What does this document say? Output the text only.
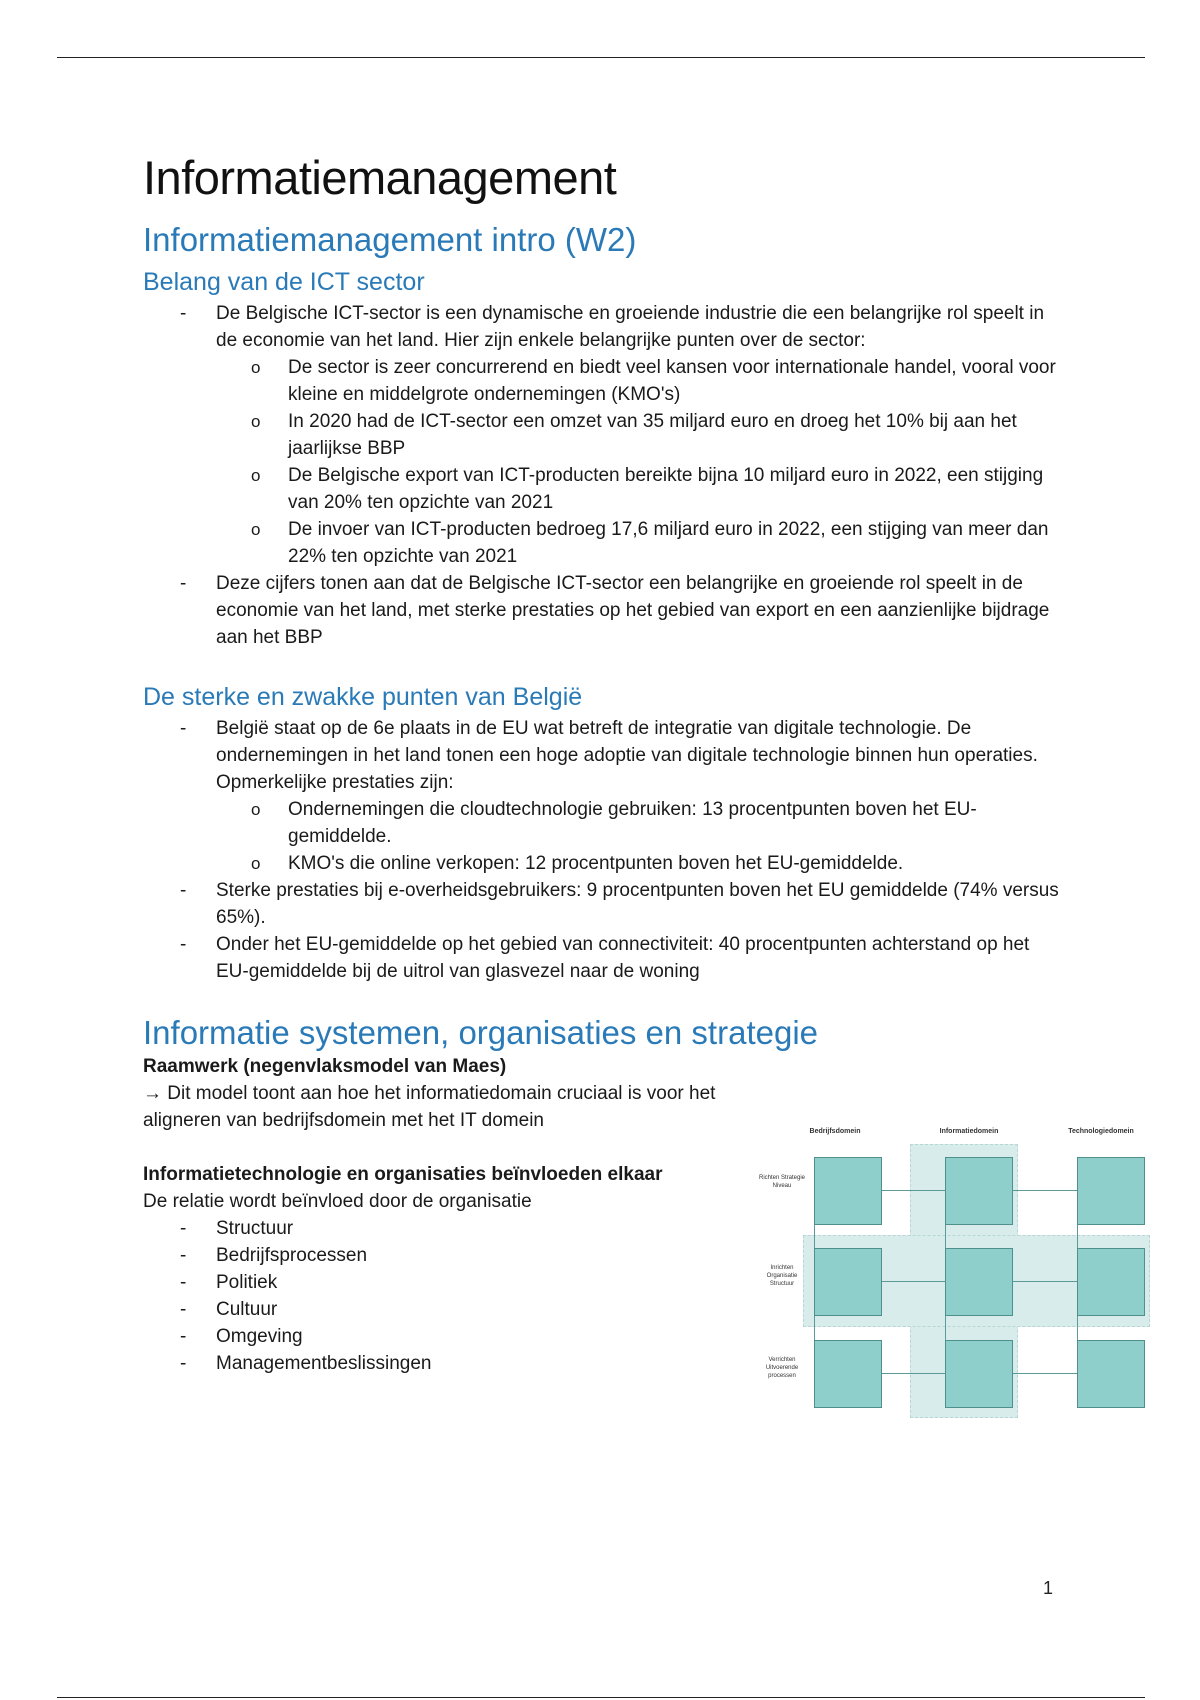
Informatiemanagement
Informatiemanagement intro (W2)
Belang van de ICT sector
- De Belgische ICT-sector is een dynamische en groeiende industrie die een belangrijke rol speelt in de economie van het land. Hier zijn enkele belangrijke punten over de sector:
o De sector is zeer concurrerend en biedt veel kansen voor internationale handel, vooral voor kleine en middelgrote ondernemingen (KMO's)
o In 2020 had de ICT-sector een omzet van 35 miljard euro en droeg het 10% bij aan het jaarlijkse BBP
o De Belgische export van ICT-producten bereikte bijna 10 miljard euro in 2022, een stijging van 20% ten opzichte van 2021
o De invoer van ICT-producten bedroeg 17,6 miljard euro in 2022, een stijging van meer dan 22% ten opzichte van 2021
- Deze cijfers tonen aan dat de Belgische ICT-sector een belangrijke en groeiende rol speelt in de economie van het land, met sterke prestaties op het gebied van export en een aanzienlijke bijdrage aan het BBP
De sterke en zwakke punten van België
- België staat op de 6e plaats in de EU wat betreft de integratie van digitale technologie. De ondernemingen in het land tonen een hoge adoptie van digitale technologie binnen hun operaties. Opmerkelijke prestaties zijn:
o Ondernemingen die cloudtechnologie gebruiken: 13 procentpunten boven het EU-gemiddelde.
o KMO's die online verkopen: 12 procentpunten boven het EU-gemiddelde.
- Sterke prestaties bij e-overheidsgebruikers: 9 procentpunten boven het EU gemiddelde (74% versus 65%).
- Onder het EU-gemiddelde op het gebied van connectiviteit: 40 procentpunten achterstand op het EU-gemiddelde bij de uitrol van glasvezel naar de woning
Informatie systemen, organisaties en strategie
Raamwerk (negenvlaksmodel van Maes)
→ Dit model toont aan hoe het informatiedomain cruciaal is voor het aligneren van bedrijfsdomein met het IT domein
Informatietechnologie en organisaties beïnvloeden elkaar
De relatie wordt beïnvloed door de organisatie
- Structuur
- Bedrijfsprocessen
- Politiek
- Cultuur
- Omgeving
- Managementbeslissingen
Bedrijfsdomein	Informatiedomein	Technologiedomein
Richten Strategie Niveau
Inrichten Organisatie Structuur
Verrichten Uitvoerende processen
1
